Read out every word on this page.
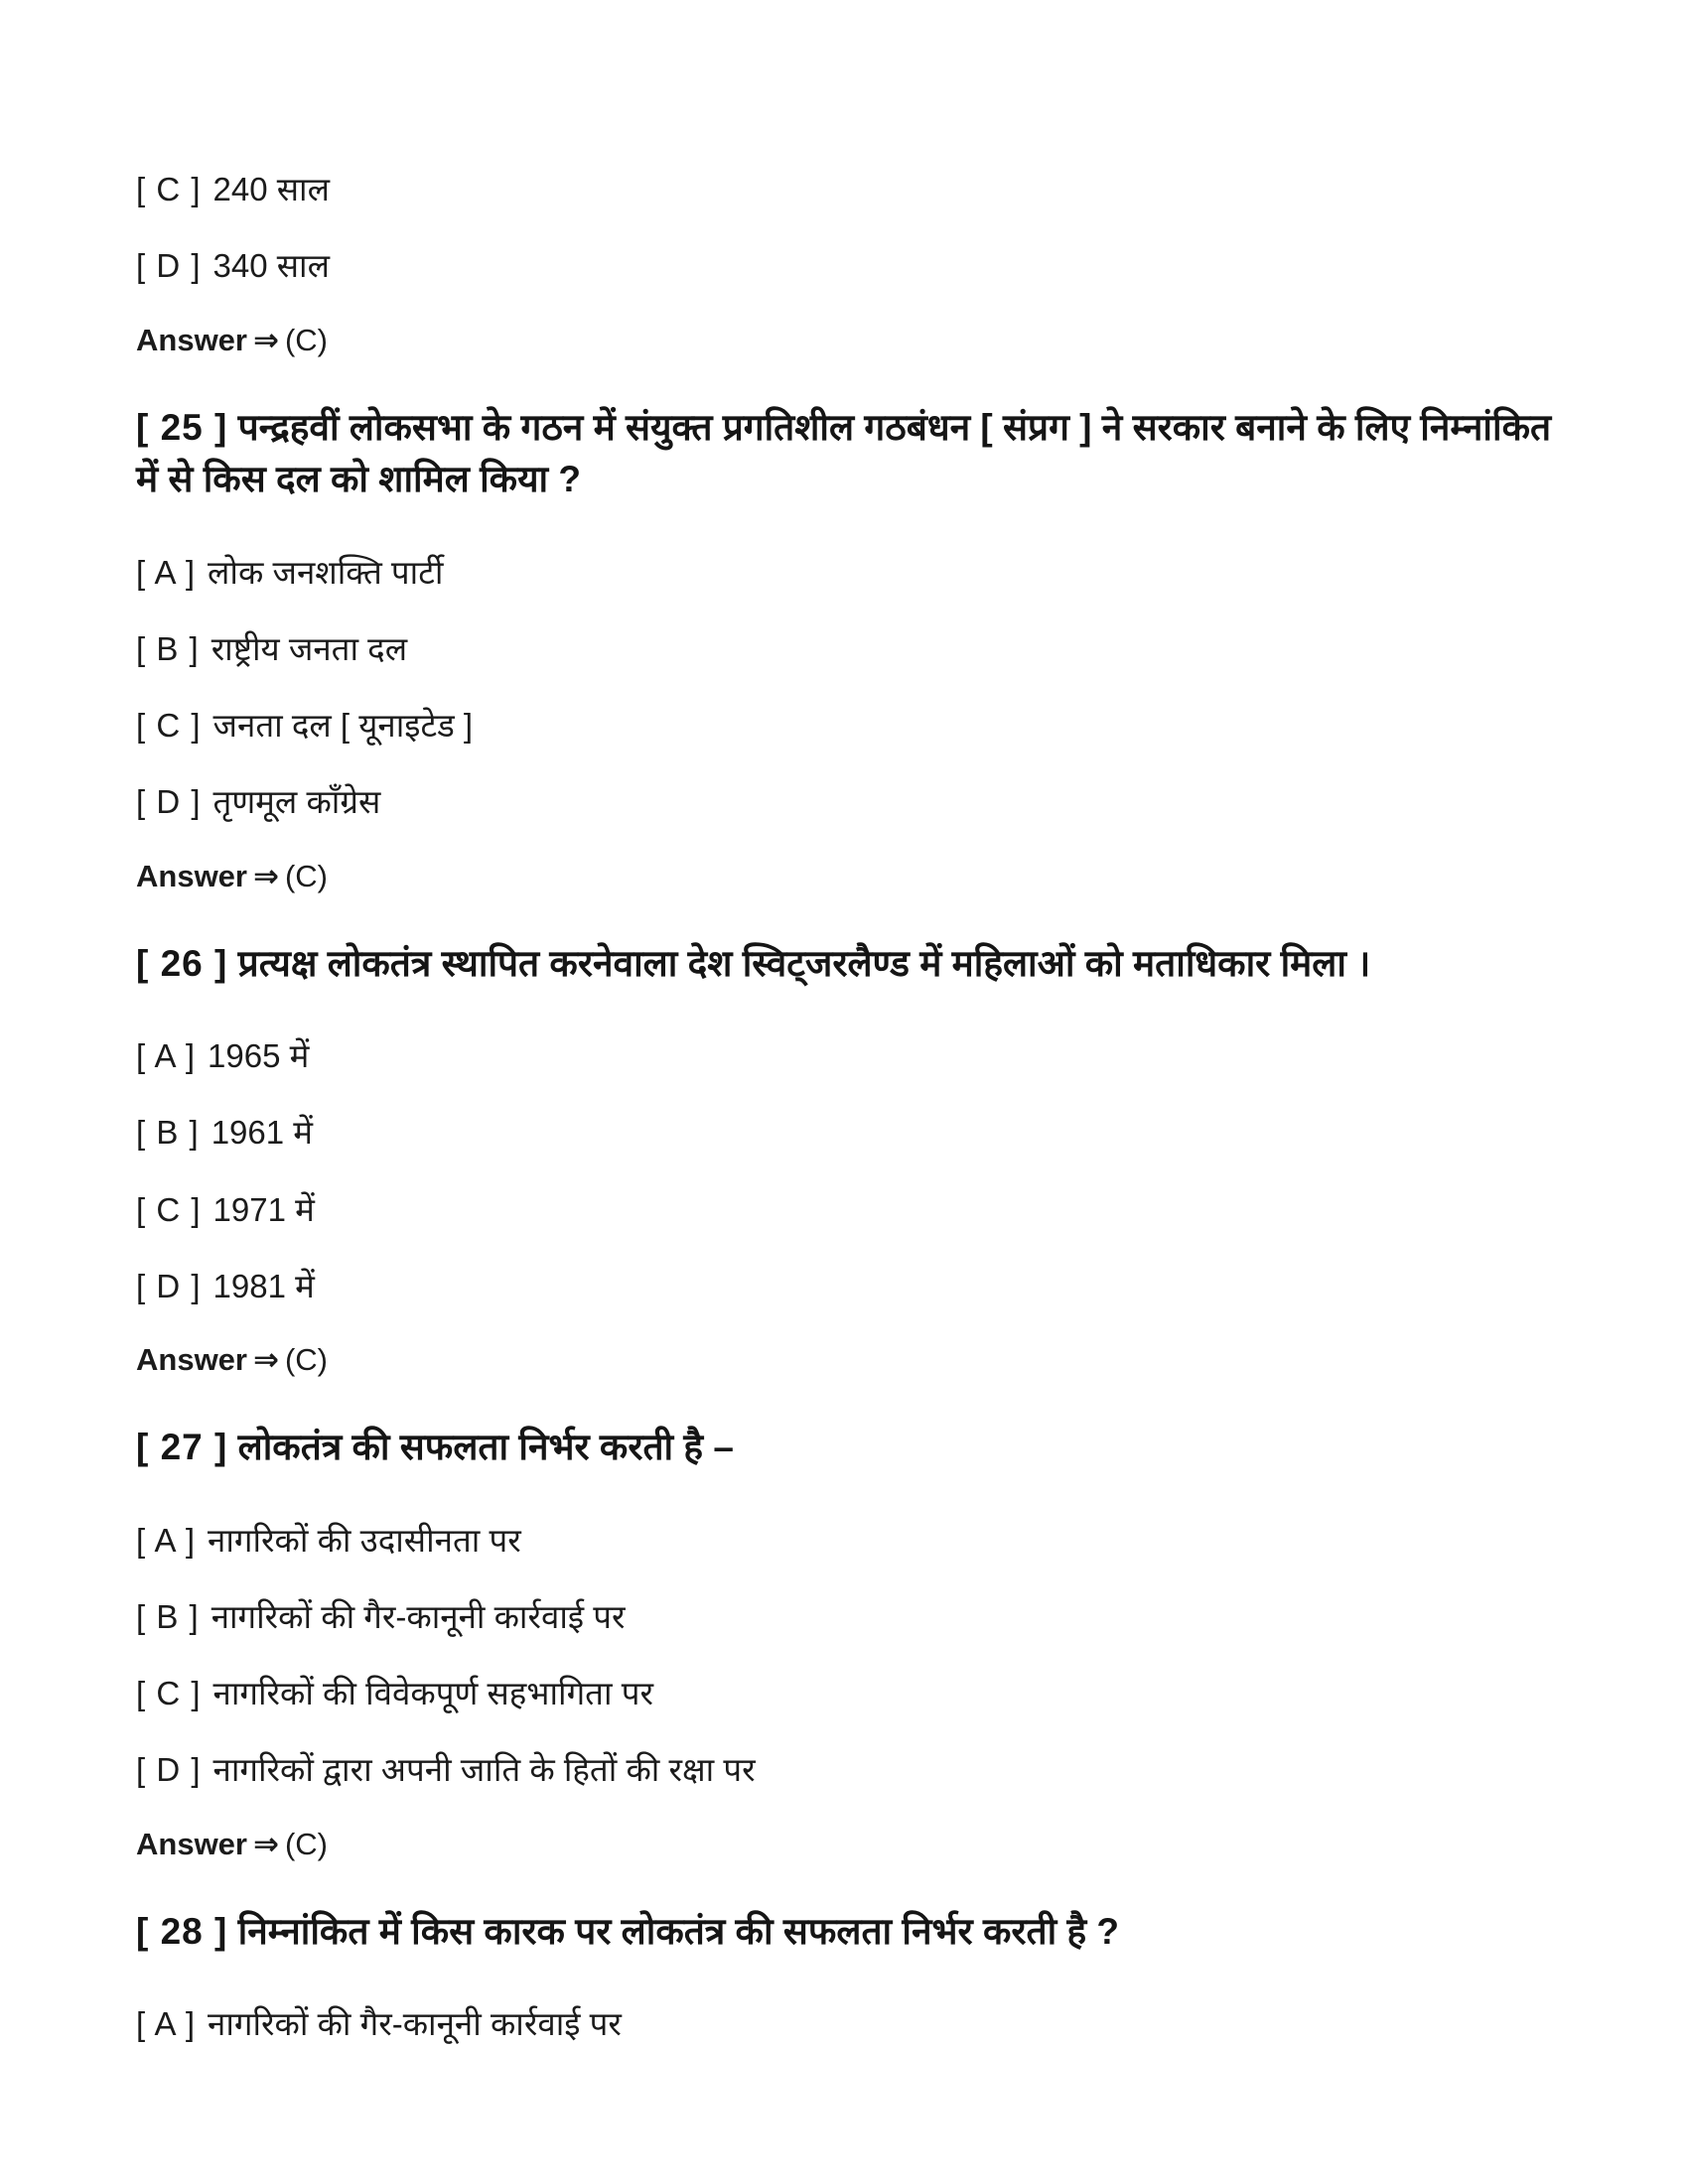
[ C ] 240 साल

[ D ] 340 साल

Answer ⇒ (C)

[ 25 ] पन्द्रहवीं लोकसभा के गठन में संयुक्त प्रगतिशील गठबंधन [ संप्रग ] ने सरकार बनाने के लिए निम्नांकित में से किस दल को शामिल किया ?

[ A ] लोक जनशक्ति पार्टी

[ B ] राष्ट्रीय जनता दल

[ C ] जनता दल [ यूनाइटेड ]

[ D ] तृणमूल काँग्रेस

Answer ⇒ (C)

[ 26 ] प्रत्यक्ष लोकतंत्र स्थापित करनेवाला देश स्विट्जरलैण्ड में महिलाओं को मताधिकार मिला ।

[ A ] 1965 में

[ B ] 1961 में

[ C ] 1971 में

[ D ] 1981 में

Answer ⇒ (C)

[ 27 ] लोकतंत्र की सफलता निर्भर करती है –

[ A ] नागरिकों की उदासीनता पर

[ B ] नागरिकों की गैर-कानूनी कार्रवाई पर

[ C ] नागरिकों की विवेकपूर्ण सहभागिता पर

[ D ] नागरिकों द्वारा अपनी जाति के हितों की रक्षा पर

Answer ⇒ (C)

[ 28 ] निम्नांकित में किस कारक पर लोकतंत्र की सफलता निर्भर करती है ?

[ A ] नागरिकों की गैर-कानूनी कार्रवाई पर
